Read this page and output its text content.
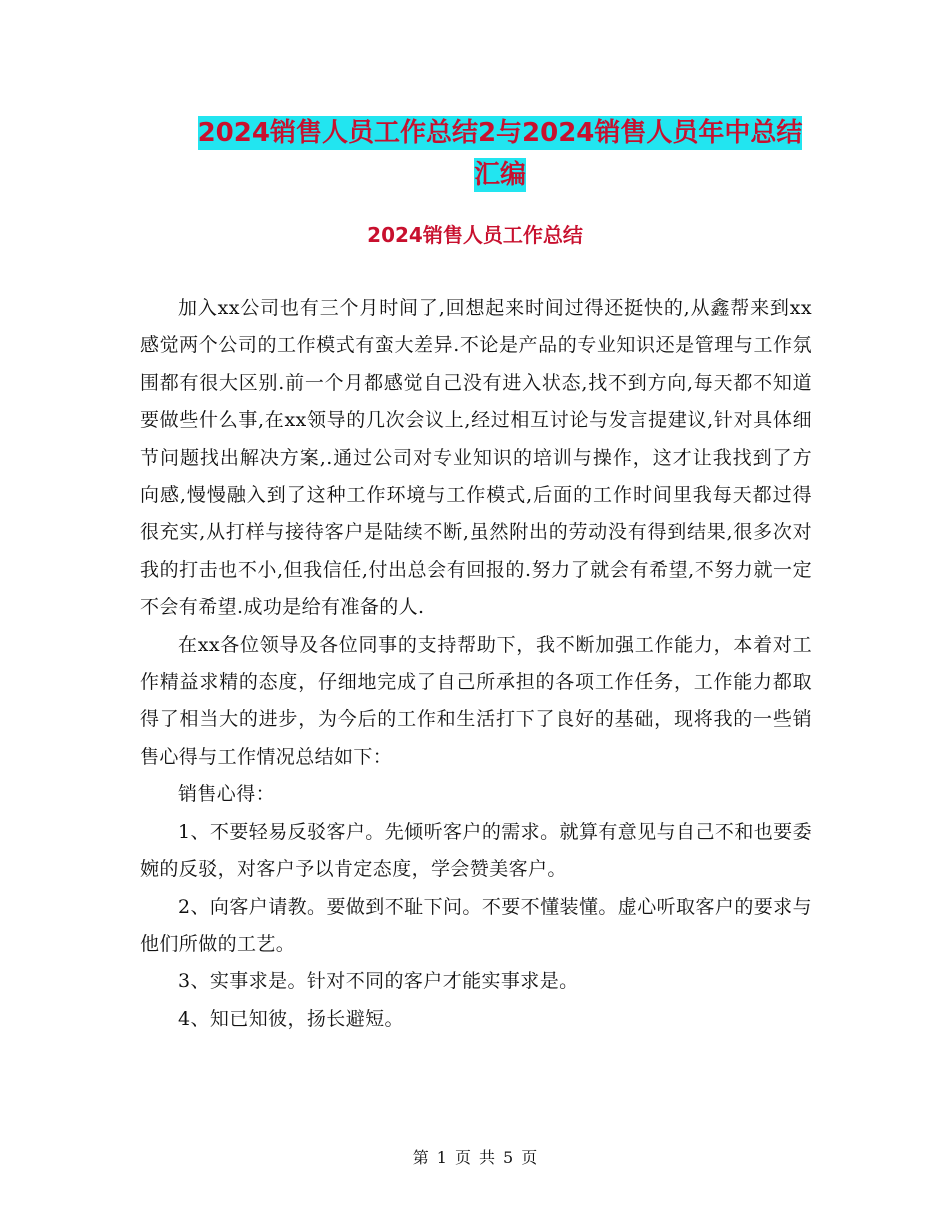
2024销售人员工作总结2与2024销售人员年中总结汇编
2024销售人员工作总结

加入xx公司也有三个月时间了,回想起来时间过得还挺快的,从鑫帮来到xx感觉两个公司的工作模式有蛮大差异.不论是产品的专业知识还是管理与工作氛围都有很大区别.前一个月都感觉自己没有进入状态,找不到方向,每天都不知道要做些什么事,在xx领导的几次会议上,经过相互讨论与发言提建议,针对具体细节问题找出解决方案,.通过公司对专业知识的培训与操作，这才让我找到了方向感,慢慢融入到了这种工作环境与工作模式,后面的工作时间里我每天都过得很充实,从打样与接待客户是陆续不断,虽然附出的劳动没有得到结果,很多次对我的打击也不小,但我信任,付出总会有回报的.努力了就会有希望,不努力就一定不会有希望.成功是给有准备的人.

在xx各位领导及各位同事的支持帮助下，我不断加强工作能力，本着对工作精益求精的态度，仔细地完成了自己所承担的各项工作任务，工作能力都取得了相当大的进步，为今后的工作和生活打下了良好的基础，现将我的一些销售心得与工作情况总结如下：

销售心得：

1、不要轻易反驳客户。先倾听客户的需求。就算有意见与自己不和也要委婉的反驳，对客户予以肯定态度，学会赞美客户。

2、向客户请教。要做到不耻下问。不要不懂装懂。虚心听取客户的要求与他们所做的工艺。

3、实事求是。针对不同的客户才能实事求是。

4、知已知彼，扬长避短。

第 1 页 共 5 页
